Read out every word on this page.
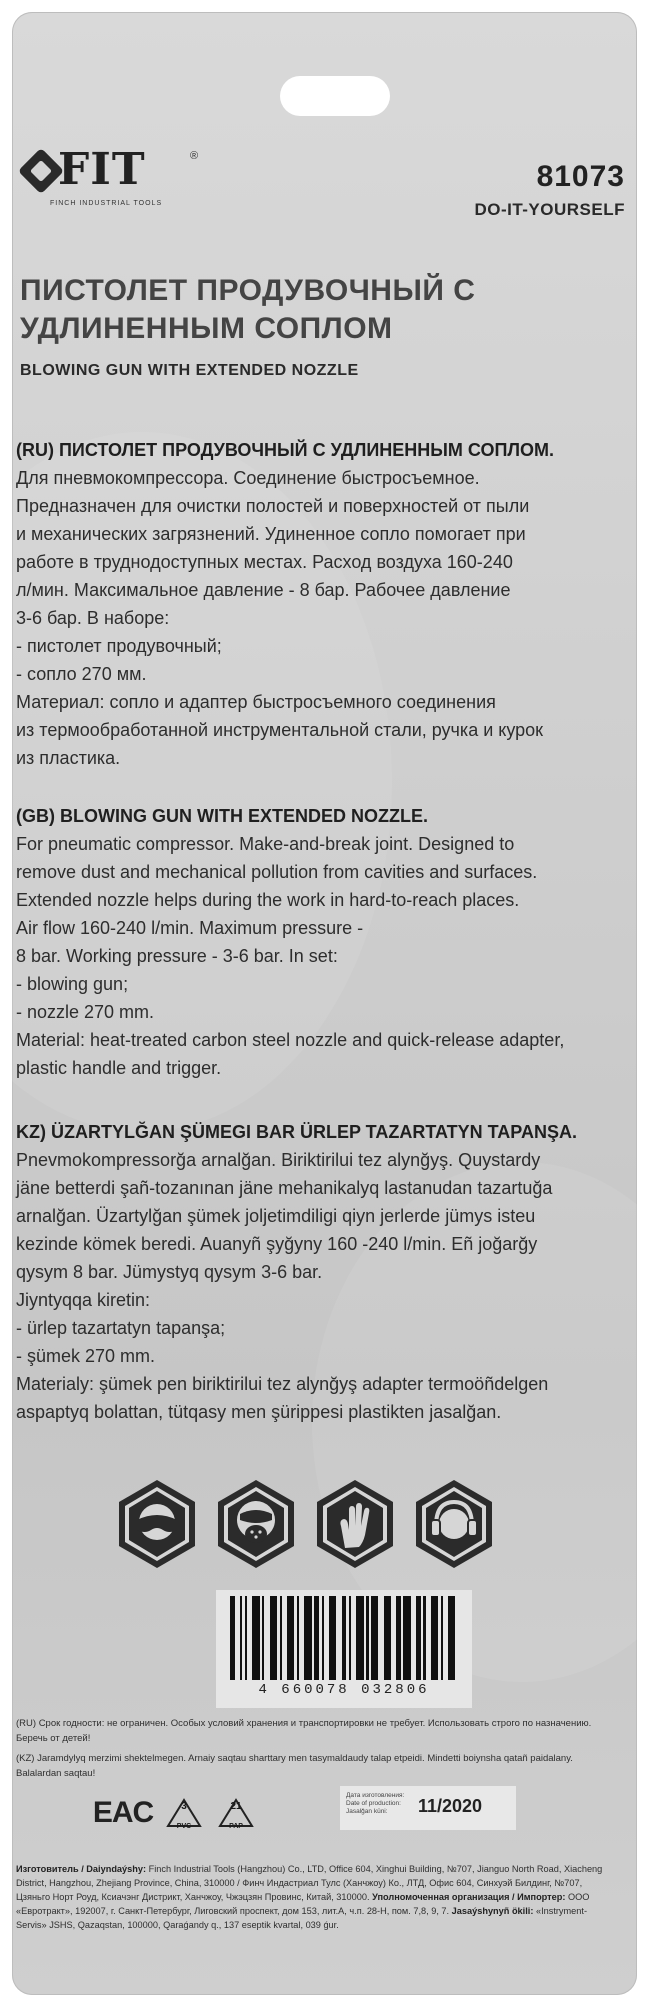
FIT	®
FINCH INDUSTRIAL TOOLS
81073
DO-IT-YOURSELF
ПИСТОЛЕТ ПРОДУВОЧНЫЙ С УДЛИНЕННЫМ СОПЛОМ
BLOWING GUN WITH EXTENDED NOZZLE

(RU) ПИСТОЛЕТ ПРОДУВОЧНЫЙ С УДЛИНЕННЫМ СОПЛОМ.

Для пневмокомпрессора. Соединение быстросъемное.
Предназначен для очистки полостей и поверхностей от пыли
и механических загрязнений. Удиненное сопло помогает при
работе в труднодоступных местах. Расход воздуха 160-240
л/мин. Максимальное давление - 8 бар. Рабочее давление
3-6 бар. В наборе:
- пистолет продувочный;
- сопло 270 мм.
Материал: сопло и адаптер быстросъемного соединения
из термообработанной инструментальной стали, ручка и курок
из пластика.

(GB) BLOWING GUN WITH EXTENDED NOZZLE.

For pneumatic compressor. Make-and-break joint. Designed to
remove dust and mechanical pollution from cavities and surfaces.
Extended nozzle helps during the work in hard-to-reach places.
Air flow 160-240 l/min. Maximum pressure -
8 bar. Working pressure - 3-6 bar. In set:
- blowing gun;
- nozzle 270 mm.
Material: heat-treated carbon steel nozzle and quick-release adapter,
plastic handle and trigger.

KZ) ÜZARTYLĞAN ŞÜMEGI BAR ÜRLEP TAZARTATYN TAPANŞA.

Pnevmokompressorğa arnalğan. Biriktirilui tez alynğyş. Quystardy
jäne betterdi şañ-tozanınan jäne mehanikalyq lastanudan tazartuğa
arnalğan. Üzartylğan şümek joljetimdiligi qiyn jerlerde jümys isteu
kezinde kömek beredi. Auanyñ şyğyny 160 -240 l/min. Eñ joğarğy
qysym 8 bar. Jümystyq qysym 3-6 bar.
Jiyntyqqa kiretin:
- ürlep tazartatyn tapanşa;
- şümek 270 mm.
Materialy: şümek pen biriktirilui tez alynğyş adapter termoöñdelgen
aspaptyq bolattan, tütqasy men şürippesi plastikten jasalğan.

4 660078 032806

(RU) Срок годности: не ограничен. Особых условий хранения и транспортировки не требует. Использовать строго по назначению. Беречь от детей!

(KZ) Jaramdylyq merzimi shektelmegen. Arnaiy saqtau sharttary men tasymaldaudy talap etpeidi. Mindetti boiynsha qatañ paidalany. Balalardan saqtau!

EAC	3
PVC
21
PAP
Дата изготовления:
Date of production:
Jasalğan küni:	11/2020

Изготовитель / Daiyndaýshy: Finch Industrial Tools (Hangzhou) Co., LTD, Office 604, Xinghui Building, №707, Jianguo North Road, Xiacheng District, Hangzhou, Zhejiang Province, China, 310000 / Финч Индастриал Тулс (Ханчжоу) Ко., ЛТД, Офис 604, Синхуэй Билдинг, №707, Цзяньго Норт Роуд, Ксиачэнг Дистрикт, Ханчжоу, Чжэцзян Провинс, Китай, 310000. Уполномоченная организация / Импортер: ООО «Евротракт», 192007, г. Санкт-Петербург, Лиговский проспект, дом 153, лит.А, ч.п. 28-Н, пом. 7,8, 9, 7. Jasaýshynyñ ökili: «Instryment-Servis» JSHS, Qazaqstan, 100000, Qaraǵandy q., 137 eseptik kvartal, 039 ǵur.
